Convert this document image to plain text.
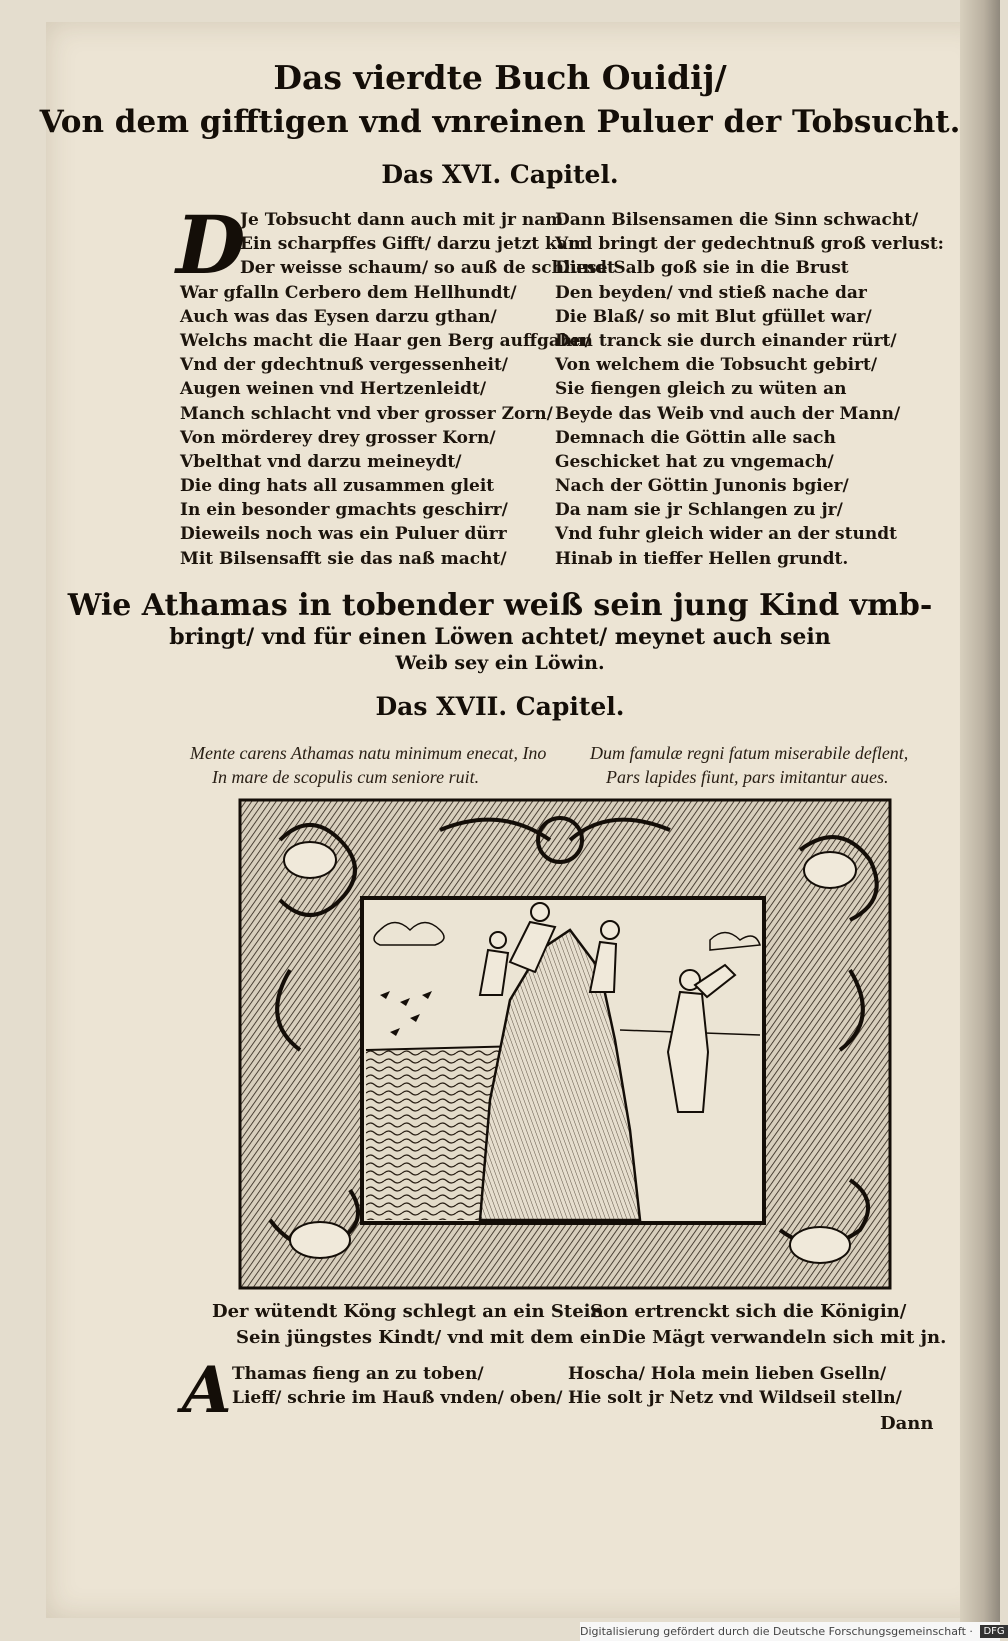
Das vierdte Buch Ouidij/
Von dem gifftigen vnd vnreinen Puluer der Tobsucht.
Das XVI. Capitel.
D
Je Tobsucht dann auch mit jr nam
Ein scharpffes Gifft/ darzu jetzt kam
Der weisse schaum/ so auß de schlundt
War gfalln Cerbero dem Hellhundt/
Auch was das Eysen darzu gthan/
Welchs macht die Haar gen Berg auffgahn/
Vnd der gdechtnuß vergessenheit/
Augen weinen vnd Hertzenleidt/
Manch schlacht vnd vber grosser Zorn/
Von mörderey drey grosser Korn/
Vbelthat vnd darzu meineydt/
Die ding hats all zusammen gleit
In ein besonder gmachts geschirr/
Dieweils noch was ein Puluer dürr
Mit Bilsensafft sie das naß macht/
Dann Bilsensamen die Sinn schwacht/
Vnd bringt der gedechtnuß groß verlust:
Diese Salb goß sie in die Brust
Den beyden/ vnd stieß nache dar
Die Blaß/ so mit Blut gfüllet war/
Den tranck sie durch einander rürt/
Von welchem die Tobsucht gebirt/
Sie fiengen gleich zu wüten an
Beyde das Weib vnd auch der Mann/
Demnach die Göttin alle sach
Geschicket hat zu vngemach/
Nach der Göttin Junonis bgier/
Da nam sie jr Schlangen zu jr/
Vnd fuhr gleich wider an der stundt
Hinab in tieffer Hellen grundt.
Wie Athamas in tobender weiß sein jung Kind vmb-
bringt/ vnd für einen Löwen achtet/ meynet auch sein
Weib sey ein Löwin.
Das XVII. Capitel.
Mente carens Athamas natu minimum enecat, Ino
In mare de scopulis cum seniore ruit.
Dum famulæ regni fatum miserabile deflent,
Pars lapides fiunt, pars imitantur aues.
Der wütendt Köng schlegt an ein Stein
Sein jüngstes Kindt/ vnd mit dem ein
Son ertrenckt sich die Königin/
Die Mägt verwandeln sich mit jn.
A Thamas fieng an zu toben/
Lieff/ schrie im Hauß vnden/ oben/
Hoscha/ Hola mein lieben Gselln/
Hie solt jr Netz vnd Wildseil stelln/
Dann
Digitalisierung gefördert durch die Deutsche Forschungsgemeinschaft · DFG
